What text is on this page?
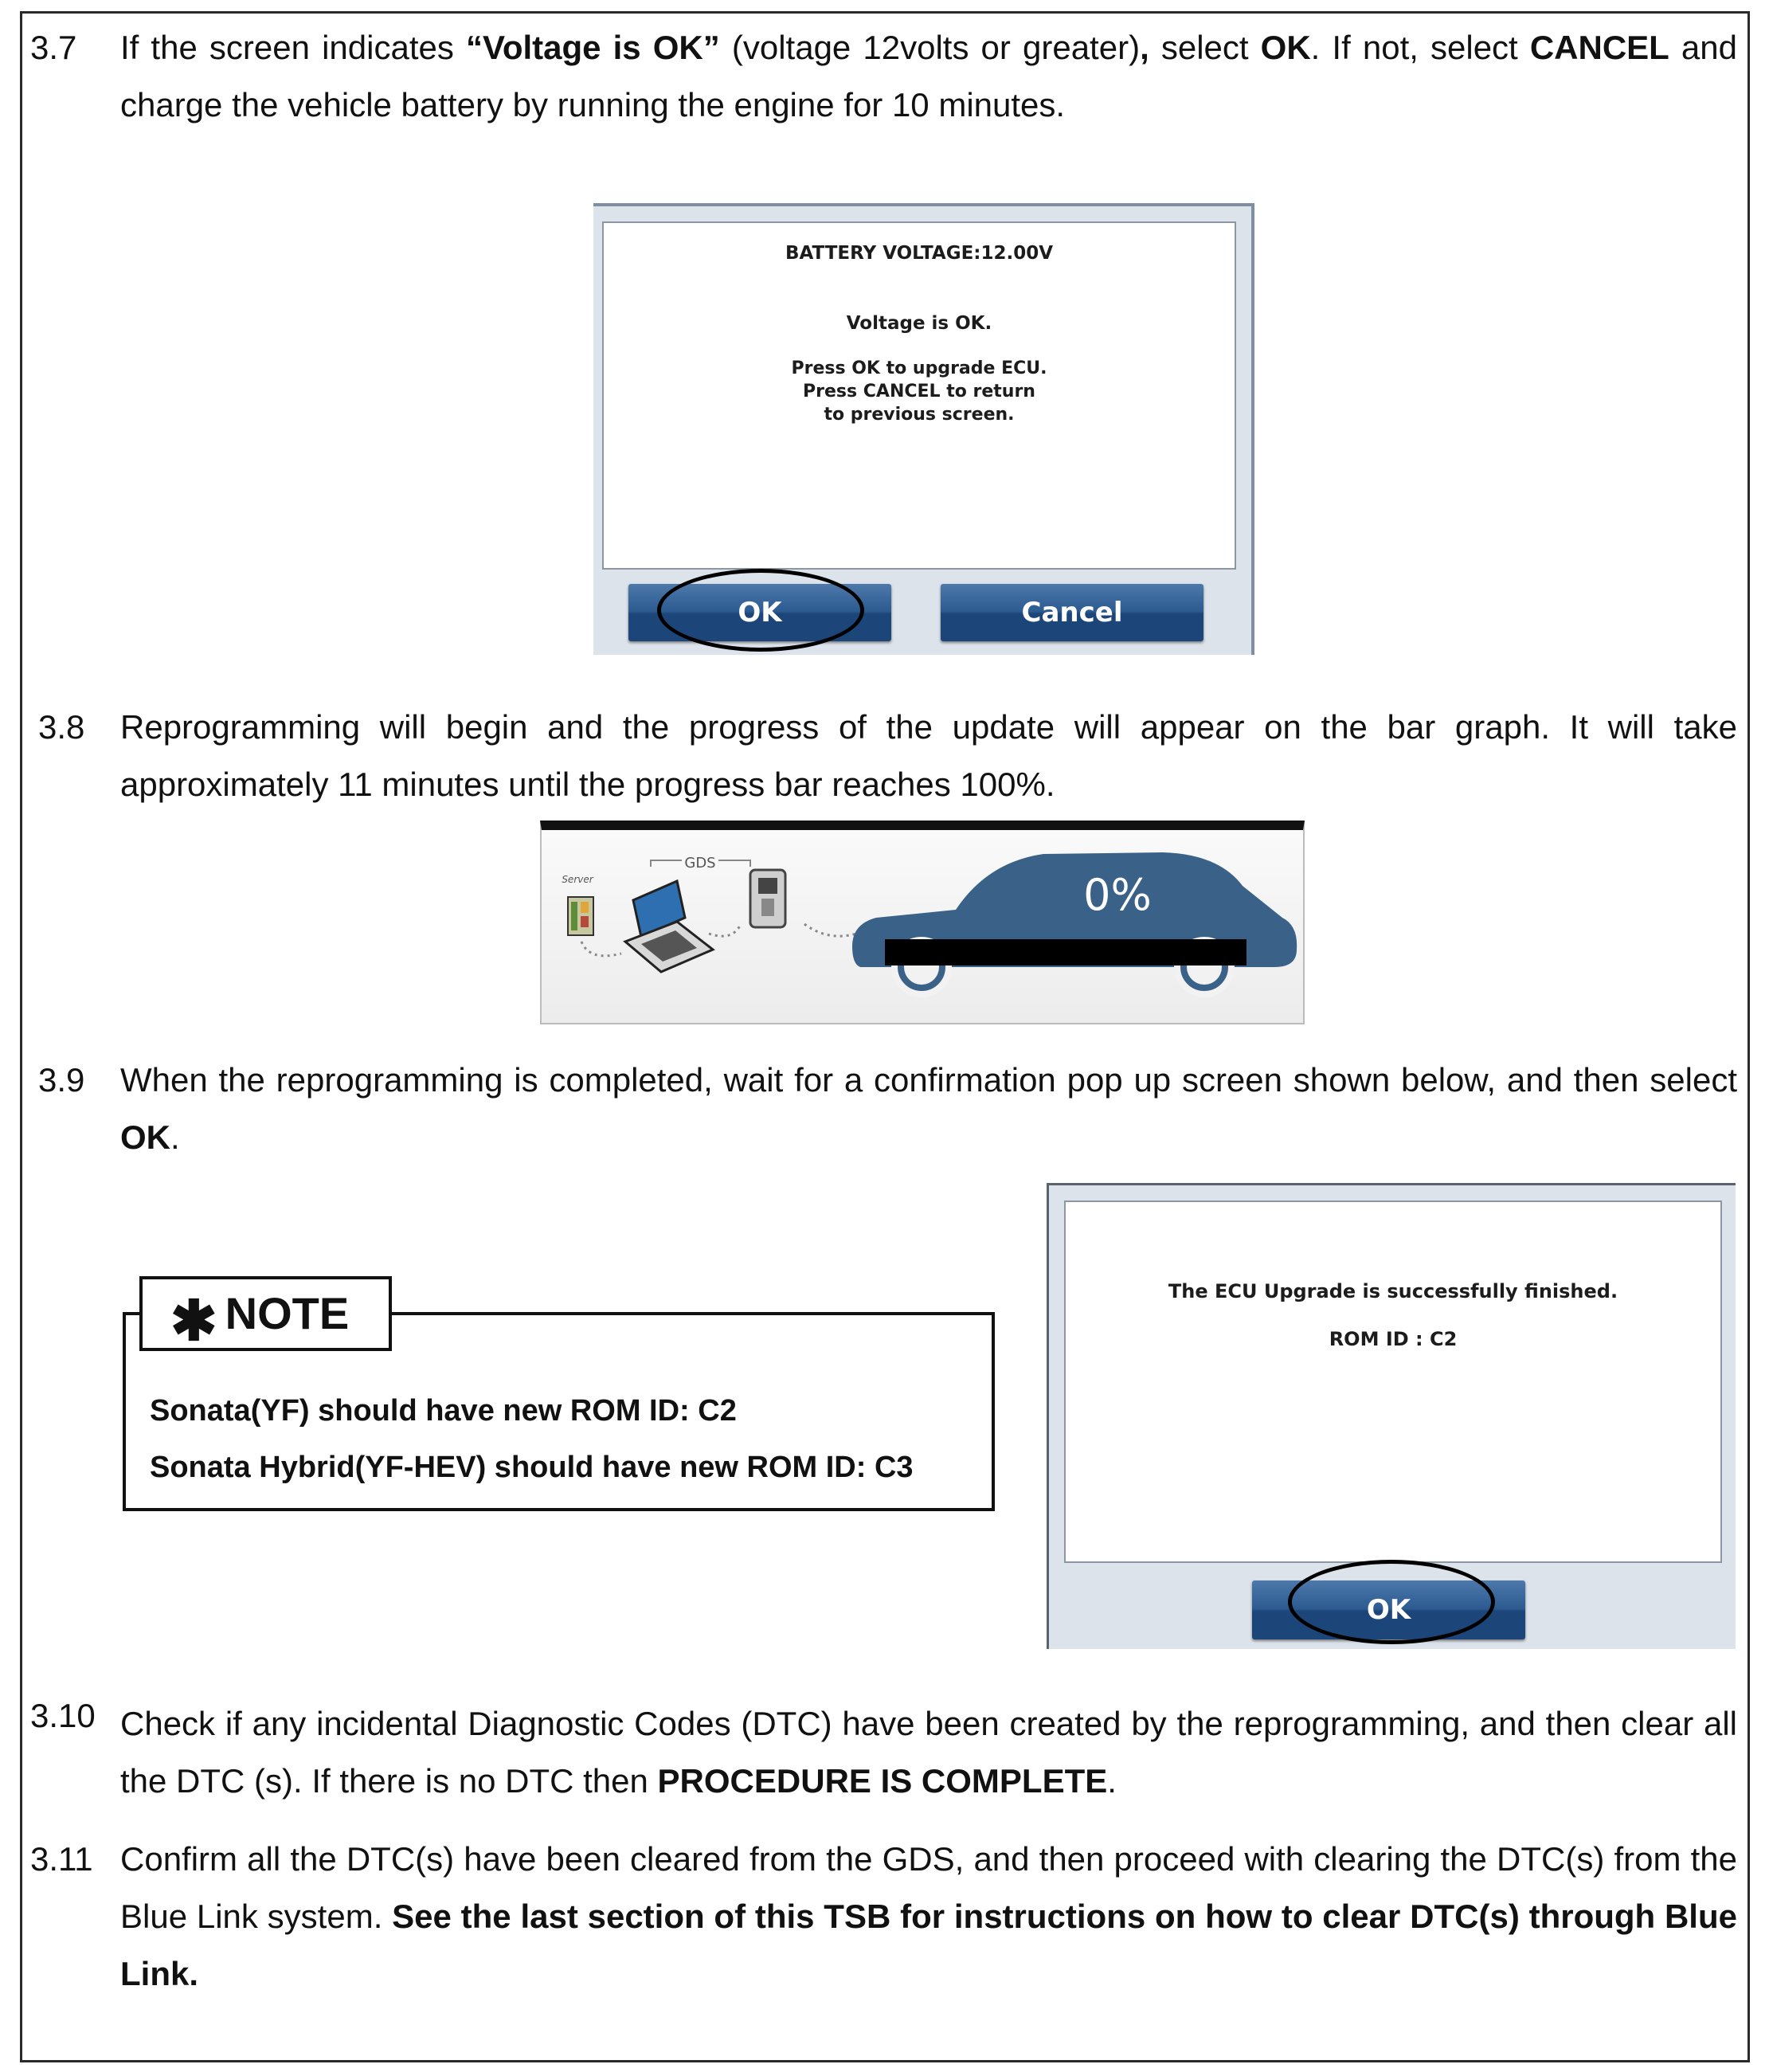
3.7 If the screen indicates “Voltage is OK” (voltage 12volts or greater), select OK. If not, select CANCEL and charge the vehicle battery by running the engine for 10 minutes.
BATTERY VOLTAGE:12.00V
Voltage is OK.
Press OK to upgrade ECU.
Press CANCEL to return
to previous screen.
OK	Cancel
3.8 Reprogramming will begin and the progress of the update will appear on the bar graph. It will take approximately 11 minutes until the progress bar reaches 100%.
GDS
Server	0%
3.9 When the reprogramming is completed, wait for a confirmation pop up screen shown below, and then select OK.
✱ NOTE
Sonata(YF) should have new ROM ID: C2
Sonata Hybrid(YF-HEV) should have new ROM ID: C3
The ECU Upgrade is successfully finished.
ROM ID : C2
OK
3.10 Check if any incidental Diagnostic Codes (DTC) have been created by the reprogramming, and then clear all the DTC (s). If there is no DTC then PROCEDURE IS COMPLETE.
3.11 Confirm all the DTC(s) have been cleared from the GDS, and then proceed with clearing the DTC(s) from the Blue Link system. See the last section of this TSB for instructions on how to clear DTC(s) through Blue Link.
